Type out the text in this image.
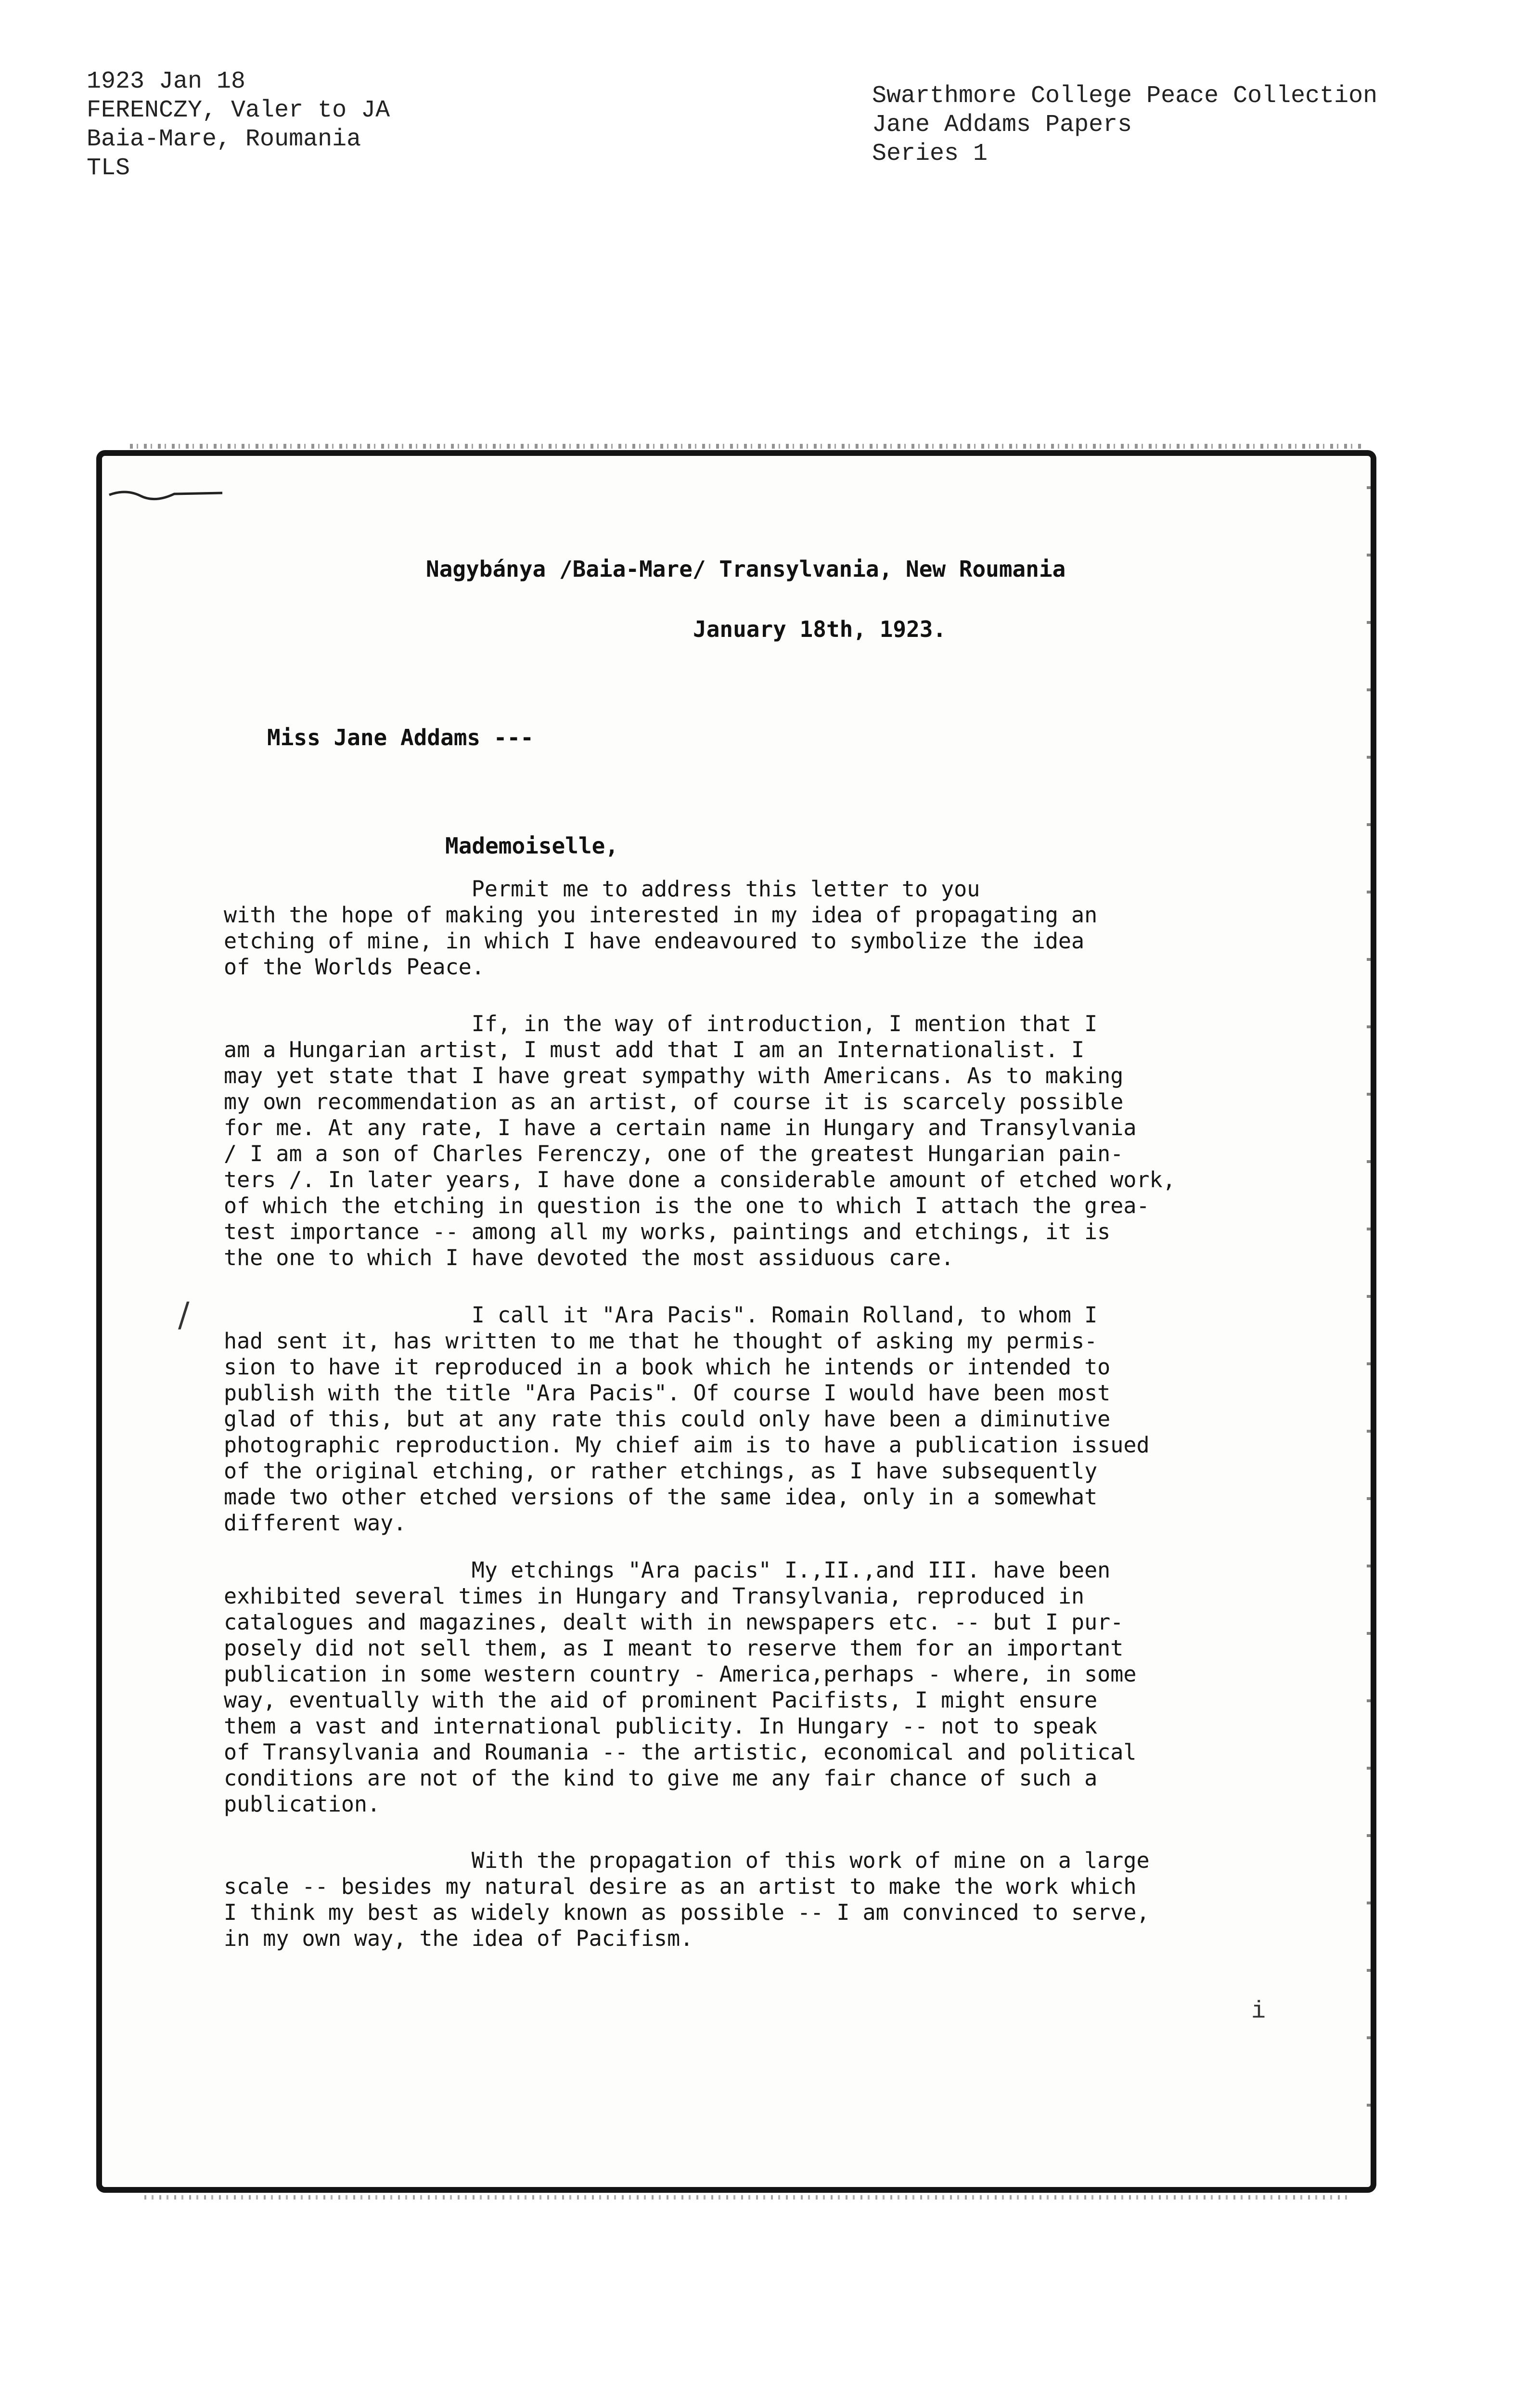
1923 Jan 18
FERENCZY, Valer to JA
Baia-Mare, Roumania
TLS
Swarthmore College Peace Collection
Jane Addams Papers
Series 1
Nagybánya /Baia-Mare/ Transylvania, New Roumania
January 18th, 1923.
Miss Jane Addams ---
Mademoiselle,
Permit me to address this letter to you
with the hope of making you interested in my idea of propagating an
etching of mine, in which I have endeavoured to symbolize the idea
of the Worlds Peace.
If, in the way of introduction, I mention that I
am a Hungarian artist, I must add that I am an Internationalist. I
may yet state that I have great sympathy with Americans. As to making
my own recommendation as an artist, of course it is scarcely possible
for me. At any rate, I have a certain name in Hungary and Transylvania
/ I am a son of Charles Ferenczy, one of the greatest Hungarian pain-
ters /. In later years, I have done a considerable amount of etched work,
of which the etching in question is the one to which I attach the grea-
test importance -- among all my works, paintings and etchings, it is
the one to which I have devoted the most assiduous care.
/ I call it "Ara Pacis". Romain Rolland, to whom I
had sent it, has written to me that he thought of asking my permis-
sion to have it reproduced in a book which he intends or intended to
publish with the title "Ara Pacis". Of course I would have been most
glad of this, but at any rate this could only have been a diminutive
photographic reproduction. My chief aim is to have a publication issued
of the original etching, or rather etchings, as I have subsequently
made two other etched versions of the same idea, only in a somewhat
different way.
My etchings "Ara pacis" I.,II.,and III. have been
exhibited several times in Hungary and Transylvania, reproduced in
catalogues and magazines, dealt with in newspapers etc. -- but I pur-
posely did not sell them, as I meant to reserve them for an important
publication in some western country - America,perhaps - where, in some
way, eventually with the aid of prominent Pacifists, I might ensure
them a vast and international publicity. In Hungary -- not to speak
of Transylvania and Roumania -- the artistic, economical and political
conditions are not of the kind to give me any fair chance of such a
publication.
With the propagation of this work of mine on a large
scale -- besides my natural desire as an artist to make the work which
I think my best as widely known as possible -- I am convinced to serve,
in my own way, the idea of Pacifism.
i
